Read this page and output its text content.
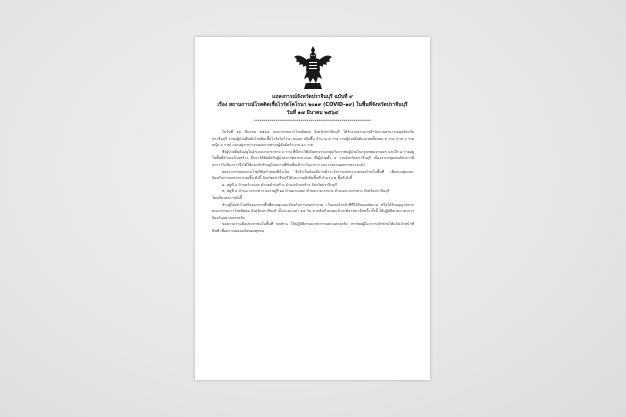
แถลงการณ์จังหวัดปราจีนบุรี ฉบับที่ ๙
เรื่อง สถานการณ์โรคติดเชื้อไวรัสโคโรนา ๒๐๑๙ (COVID-๑๙) ในพื้นที่จังหวัดปราจีนบุรี
วันที่ ๑๗ มีนาคม ๒๕๖๔
************************************************************

ในวันที่ ๑๖ มีนาคม ๒๕๖๔ คณะกรรมการโรคติดต่อ จังหวัดปราจีนบุรี ได้รับรายงานจากสำนักงานสาธารณสุขจังหวัดปราจีนบุรี ว่าพบผู้ป่วยยืนยันโรคติดเชื้อไวรัสโคโรนา ๒๐๑๙ เพิ่มขึ้น จำนวน ๔ ราย รวมผู้ป่วยยืนยันสะสมทั้งหมด ๙ ราย (ราย ๖ ราย หญิง ๓ ราย) และอยู่ระหว่างรอผลการตรวจผู้สัมผัสจำนวน ๑๐ ราย

ซึ่งผู้ป่วยยืนยันอยู่ในอำเภอบางกระทาง ๓ ราย ที่มีประวัติเดินทางร่วมกลุ่มกับการพบผู้ป่วยในกรุงเทพมหานคร และอีก ๑ รายอยู่ในพื้นที่อำเภอบ้านสร้าง มีประวัติสัมผัสกับผู้ป่วยจากตลาดบางแค ซึ่งผู้ป่วยทั้ง ๔ รายจังหวัดปราจีนบุรี เนื่องจากกลุ่มคนดังกล่าวมีอาการไม่มีอาการจึงได้ให้แยกกักตัวอยู่ในสถานที่พักเพื่อเฝ้าระวังอาการ และรายงานผลการตรวจแล้ว

ผลจากการสอบสวนโรคมีข้อกำหนดที่จำเป็น จึงจำเป็นต้องมีการเฝ้าระวังการแพร่ระบาดของโรคในพื้นที่ เพื่อควบคุมและป้องกันการแพร่กระจายเชื้อ ดังนี้ จังหวัดปราจีนบุรีได้ประกาศสั่งปิดพื้นที่ จำนวน ๒ พื้นที่ ดังนี้

๑. หมู่ที่ ๓ บ้านสร้างนอก ตำบลบ้านสร้าง อำเภอบ้านสร้าง จังหวัดปราจีนบุรี

๒. หมู่ที่ ๔ บ้านบางกระทาง และหมู่ที่ ๑๑ บ้านสามแยก ตำบลบางกระทาง อำเภอบางกระทาง จังหวัดปราจีนบุรี

โดยมีมาตรการดังนี้

ห้ามผู้ใดเข้าไปหรือออกจากพื้นที่ควบคุมและป้องกันการแพร่ระบาด เว้นแต่เจ้าหน้าที่ที่ได้รับมอบหมาย หรือได้รับอนุญาตจากคณะกรรมการโรคติดต่อ จังหวัดปราจีนบุรี เป็นระยะเวลา ๑๔ วัน หากพ้นกำหนดแล้วจะพิจารณาอีกครั้ง ทั้งนี้ ให้ปฏิบัติตามมาตรการป้องกันอย่างเคร่งครัด

ขอความร่วมมือประชาชนในพื้นที่ ทุกท่าน ให้ปฏิบัติตามมาตรการอย่างเคร่งครัด หากพบผู้มีอาการเข้าข่ายให้แจ้งเจ้าหน้าที่ทันที เพื่อความปลอดภัยของทุกคน
